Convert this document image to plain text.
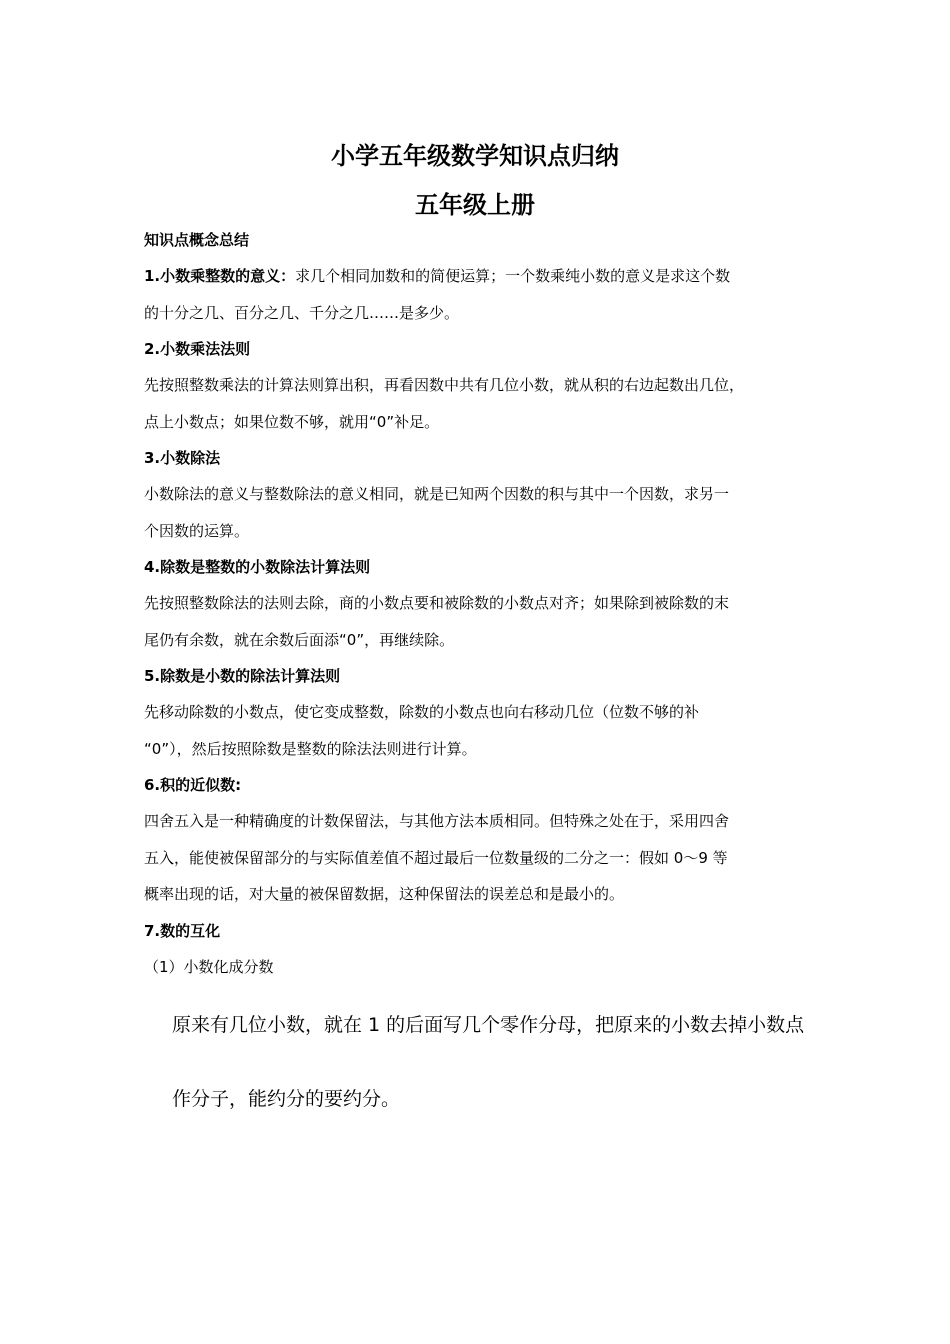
小学五年级数学知识点归纳
五年级上册
知识点概念总结
1.小数乘整数的意义：求几个相同加数和的简便运算；一个数乘纯小数的意义是求这个数
的十分之几、百分之几、千分之几……是多少。
2.小数乘法法则
先按照整数乘法的计算法则算出积，再看因数中共有几位小数，就从积的右边起数出几位，
点上小数点；如果位数不够，就用“0”补足。
3.小数除法
小数除法的意义与整数除法的意义相同，就是已知两个因数的积与其中一个因数，求另一
个因数的运算。
4.除数是整数的小数除法计算法则
先按照整数除法的法则去除，商的小数点要和被除数的小数点对齐；如果除到被除数的末
尾仍有余数，就在余数后面添“0”，再继续除。
5.除数是小数的除法计算法则
先移动除数的小数点，使它变成整数，除数的小数点也向右移动几位（位数不够的补
“0”），然后按照除数是整数的除法法则进行计算。
6.积的近似数:
四舍五入是一种精确度的计数保留法，与其他方法本质相同。但特殊之处在于，采用四舍
五入，能使被保留部分的与实际值差值不超过最后一位数量级的二分之一：假如 0～9 等
概率出现的话，对大量的被保留数据，这种保留法的误差总和是最小的。
7.数的互化
（1）小数化成分数
原来有几位小数，就在 1 的后面写几个零作分母，把原来的小数去掉小数点
作分子，能约分的要约分。
